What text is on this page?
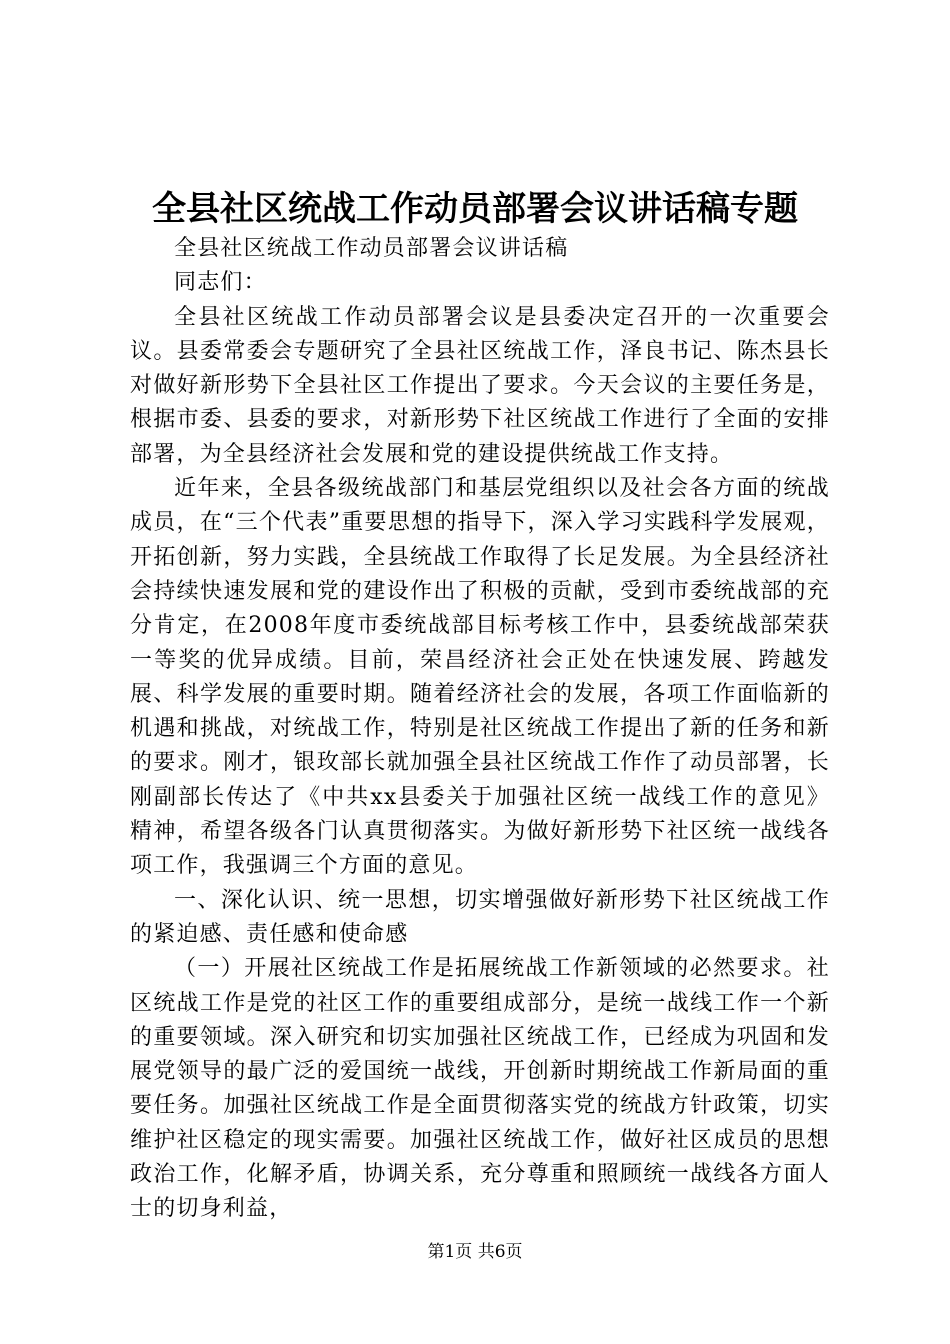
全县社区统战工作动员部署会议讲话稿专题

全县社区统战工作动员部署会议讲话稿

同志们：

全县社区统战工作动员部署会议是县委决定召开的一次重要会议。县委常委会专题研究了全县社区统战工作，泽良书记、陈杰县长对做好新形势下全县社区工作提出了要求。今天会议的主要任务是，根据市委、县委的要求，对新形势下社区统战工作进行了全面的安排部署，为全县经济社会发展和党的建设提供统战工作支持。

近年来，全县各级统战部门和基层党组织以及社会各方面的统战成员，在“三个代表”重要思想的指导下，深入学习实践科学发展观，开拓创新，努力实践，全县统战工作取得了长足发展。为全县经济社会持续快速发展和党的建设作出了积极的贡献，受到市委统战部的充分肯定，在2008年度市委统战部目标考核工作中，县委统战部荣获一等奖的优异成绩。目前，荣昌经济社会正处在快速发展、跨越发展、科学发展的重要时期。随着经济社会的发展，各项工作面临新的机遇和挑战，对统战工作，特别是社区统战工作提出了新的任务和新的要求。刚才，银玫部长就加强全县社区统战工作作了动员部署，长刚副部长传达了《中共xx县委关于加强社区统一战线工作的意见》精神，希望各级各门认真贯彻落实。为做好新形势下社区统一战线各项工作，我强调三个方面的意见。

一、深化认识、统一思想，切实增强做好新形势下社区统战工作的紧迫感、责任感和使命感

（一）开展社区统战工作是拓展统战工作新领域的必然要求。社区统战工作是党的社区工作的重要组成部分，是统一战线工作一个新的重要领域。深入研究和切实加强社区统战工作，已经成为巩固和发展党领导的最广泛的爱国统一战线，开创新时期统战工作新局面的重要任务。加强社区统战工作是全面贯彻落实党的统战方针政策，切实维护社区稳定的现实需要。加强社区统战工作，做好社区成员的思想政治工作，化解矛盾，协调关系，充分尊重和照顾统一战线各方面人士的切身利益，

第1页 共6页
